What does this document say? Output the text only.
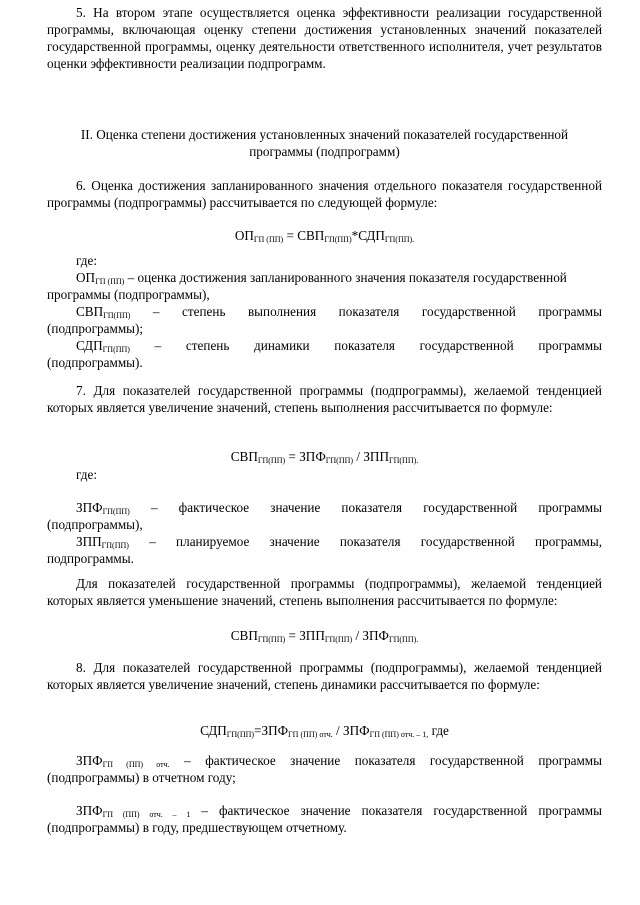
5. На втором этапе осуществляется оценка эффективности реализации государственной программы, включающая оценку степени достижения установленных значений показателей государственной программы, оценку деятельности ответственного исполнителя, учет результатов оценки эффективности реализации подпрограмм.
II. Оценка степени достижения установленных значений показателей государственной
программы (подпрограмм)
6. Оценка достижения запланированного значения отдельного показателя государственной программы (подпрограммы) рассчитывается по следующей формуле:
$ОП_{ГП (ПП)} = СВП_{ГП(ПП)}*СДП_{ГП(ПП).}$
где:
$ОП_{ГП (ПП)}$ – оценка достижения запланированного значения показателя государственной
программы (подпрограммы),
$СВП_{ГП(ПП)}$ – степень выполнения показателя государственной программы
(подпрограммы);
$СДП_{ГП(ПП)}$ – степень динамики показателя государственной программы
(подпрограммы).
7. Для показателей государственной программы (подпрограммы), желаемой тенденцией которых является увеличение значений, степень выполнения рассчитывается по формуле:
$СВП_{ГП(ПП)} = ЗПФ_{ГП(ПП)} / ЗПП_{ГП(ПП).}$
где:
$ЗПФ_{ГП(ПП)}$ – фактическое значение показателя государственной программы
(подпрограммы),
$ЗПП_{ГП(ПП)}$ – планируемое значение показателя государственной программы,
подпрограммы.
Для показателей государственной программы (подпрограммы), желаемой тенденцией которых является уменьшение значений, степень выполнения рассчитывается по формуле:
$СВП_{ГП(ПП)} = ЗПП_{ГП(ПП)} / ЗПФ_{ГП(ПП).}$
8. Для показателей государственной программы (подпрограммы), желаемой тенденцией которых является увеличение значений, степень динамики рассчитывается по формуле:
$СДП_{ГП(ПП)}=ЗПФ_{ГП (ПП) отч.} / ЗПФ_{ГП (ПП) отч. - 1,}$ где
$ЗПФ_{ГП (ПП) отч.}$ – фактическое значение показателя государственной программы
(подпрограммы) в отчетном году;
$ЗПФ_{ГП (ПП) отч. - 1}$ – фактическое значение показателя государственной программы
(подпрограммы) в году, предшествующем отчетному.
